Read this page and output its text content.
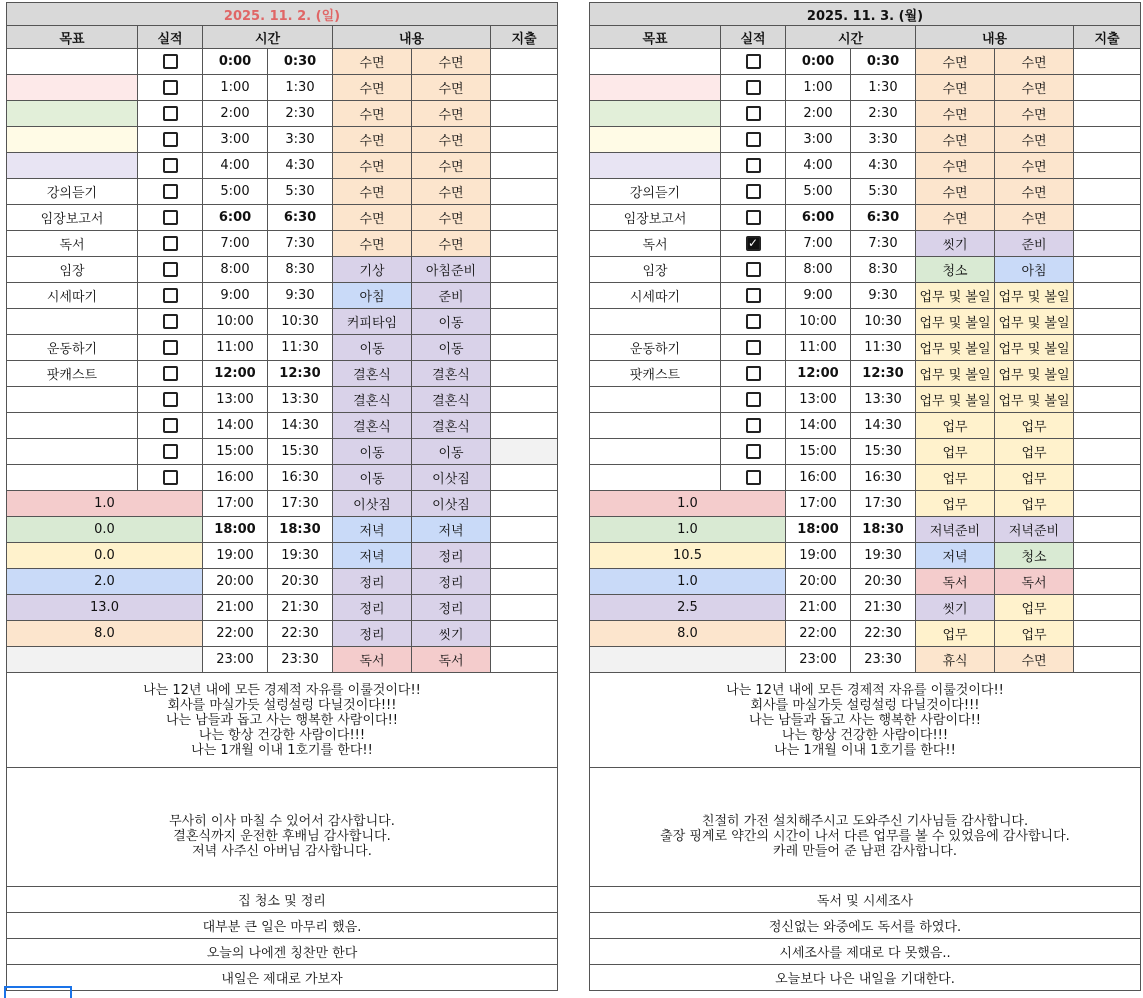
2025. 11. 2. (일)						
목표	실적	시간		내용		지출
		0:00	0:30	수면	수면	
		1:00	1:30	수면	수면	
		2:00	2:30	수면	수면	
		3:00	3:30	수면	수면	
		4:00	4:30	수면	수면	
강의듣기		5:00	5:30	수면	수면	
임장보고서		6:00	6:30	수면	수면	
독서		7:00	7:30	수면	수면	
임장		8:00	8:30	기상	아침준비	
시세따기		9:00	9:30	아침	준비	
		10:00	10:30	커피타임	이동	
운동하기		11:00	11:30	이동	이동	
팟캐스트		12:00	12:30	결혼식	결혼식	
		13:00	13:30	결혼식	결혼식	
		14:00	14:30	결혼식	결혼식	
		15:00	15:30	이동	이동	
		16:00	16:30	이동	이삿짐	
1.0		17:00	17:30	이삿짐	이삿짐	
0.0		18:00	18:30	저녁	저녁	
0.0		19:00	19:30	저녁	정리	
2.0		20:00	20:30	정리	정리	
13.0		21:00	21:30	정리	정리	
8.0		22:00	22:30	정리	씻기	
		23:00	23:30	독서	독서	

나는 12년 내에 모든 경제적 자유를 이룰것이다!!
회사를 마실가듯 설렁설렁 다닐것이다!!!
나는 남들과 돕고 사는 행복한 사람이다!!
나는 항상 건강한 사람이다!!!
나는 1개월 이내 1호기를 한다!!						

무사히 이사 마칠 수 있어서 감사합니다.
결혼식까지 운전한 후배님 감사합니다.
저녁 사주신 아버님 감사합니다.						

집 청소 및 정리						
대부분 큰 일은 마무리 했음.						
오늘의 나에겐 칭찬만 한다						
내일은 제대로 가보자						
2025. 11. 3. (월)						
목표	실적	시간		내용		지출
		0:00	0:30	수면	수면	
		1:00	1:30	수면	수면	
		2:00	2:30	수면	수면	
		3:00	3:30	수면	수면	
		4:00	4:30	수면	수면	
강의듣기		5:00	5:30	수면	수면	
임장보고서		6:00	6:30	수면	수면	
독서	✓	7:00	7:30	씻기	준비	
임장		8:00	8:30	청소	아침	
시세따기		9:00	9:30	업무 및 볼일	업무 및 볼일	
		10:00	10:30	업무 및 볼일	업무 및 볼일	
운동하기		11:00	11:30	업무 및 볼일	업무 및 볼일	
팟캐스트		12:00	12:30	업무 및 볼일	업무 및 볼일	
		13:00	13:30	업무 및 볼일	업무 및 볼일	
		14:00	14:30	업무	업무	
		15:00	15:30	업무	업무	
		16:00	16:30	업무	업무	
1.0		17:00	17:30	업무	업무	
1.0		18:00	18:30	저녁준비	저녁준비	
10.5		19:00	19:30	저녁	청소	
1.0		20:00	20:30	독서	독서	
2.5		21:00	21:30	씻기	업무	
8.0		22:00	22:30	업무	업무	
		23:00	23:30	휴식	수면	

나는 12년 내에 모든 경제적 자유를 이룰것이다!!
회사를 마실가듯 설렁설렁 다닐것이다!!!
나는 남들과 돕고 사는 행복한 사람이다!!
나는 항상 건강한 사람이다!!!
나는 1개월 이내 1호기를 한다!!						

친절히 가전 설치해주시고 도와주신 기사님들 감사합니다.
출장 핑계로 약간의 시간이 나서 다른 업무를 볼 수 있었음에 감사합니다.
카레 만들어 준 남편 감사합니다.						

독서 및 시세조사						
정신없는 와중에도 독서를 하였다.						
시세조사를 제대로 다 못했음..						
오늘보다 나은 내일을 기대한다.						
